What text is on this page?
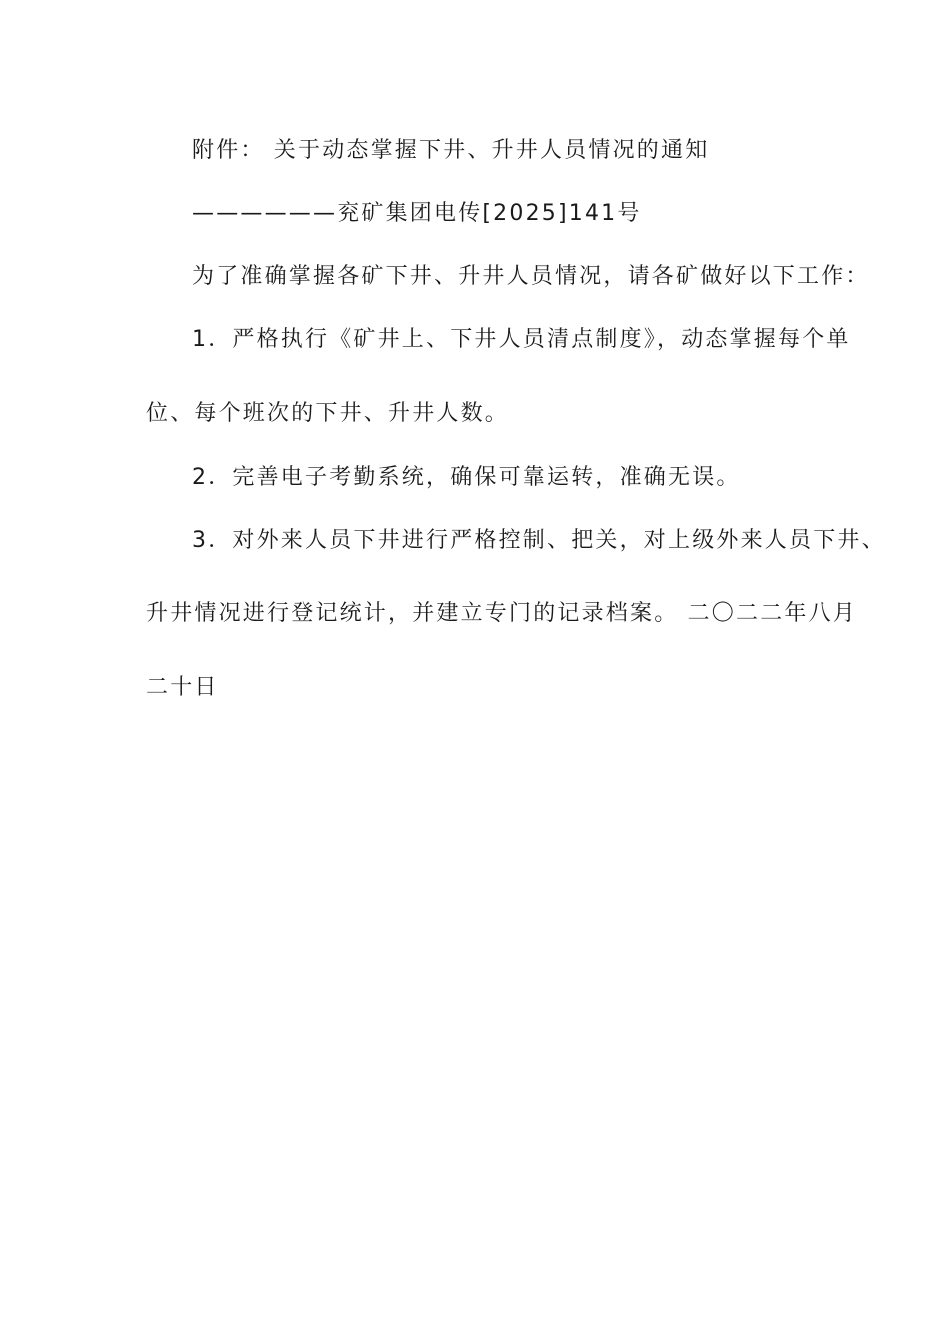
附件： 关于动态掌握下井、升井人员情况的通知
——————兖矿集团电传[2025]141号
为了准确掌握各矿下井、升井人员情况，请各矿做好以下工作：
1．严格执行《矿井上、下井人员清点制度》，动态掌握每个单
位、每个班次的下井、升井人数。
2．完善电子考勤系统，确保可靠运转，准确无误。
3．对外来人员下井进行严格控制、把关，对上级外来人员下井、
升井情况进行登记统计，并建立专门的记录档案。 二〇二二年八月
二十日
